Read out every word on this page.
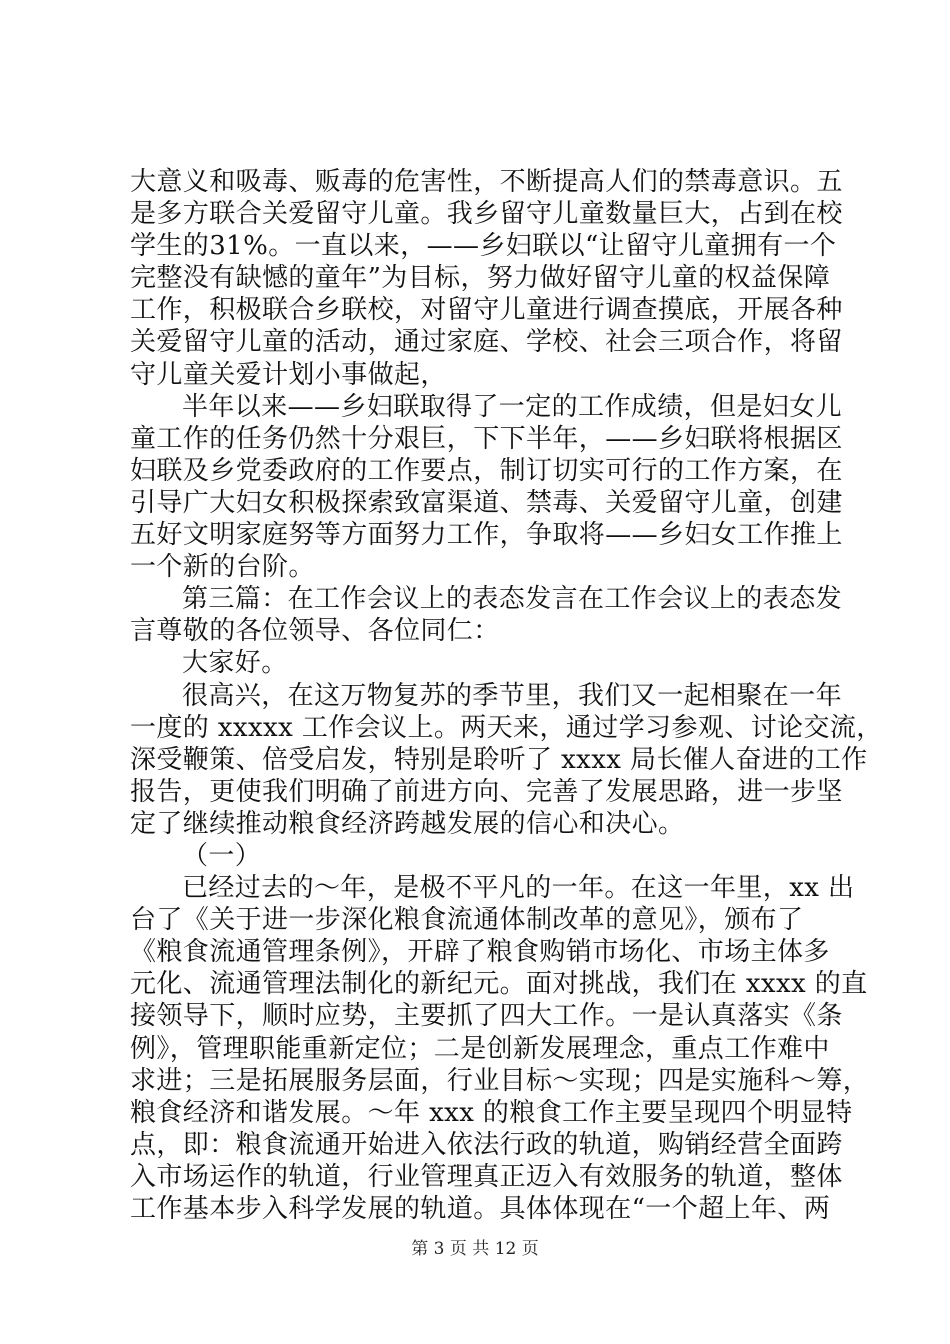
大意义和吸毒、贩毒的危害性，不断提高人们的禁毒意识。五
是多方联合关爱留守儿童。我乡留守儿童数量巨大，占到在校
学生的31%。一直以来，——乡妇联以“让留守儿童拥有一个
完整没有缺憾的童年”为目标，努力做好留守儿童的权益保障
工作，积极联合乡联校，对留守儿童进行调查摸底，开展各种
关爱留守儿童的活动，通过家庭、学校、社会三项合作，将留
守儿童关爱计划小事做起，
半年以来——乡妇联取得了一定的工作成绩，但是妇女儿
童工作的任务仍然十分艰巨，下下半年，——乡妇联将根据区
妇联及乡党委政府的工作要点，制订切实可行的工作方案，在
引导广大妇女积极探索致富渠道、禁毒、关爱留守儿童，创建
五好文明家庭努等方面努力工作，争取将——乡妇女工作推上
一个新的台阶。
第三篇：在工作会议上的表态发言在工作会议上的表态发
言尊敬的各位领导、各位同仁：
大家好。
很高兴，在这万物复苏的季节里，我们又一起相聚在一年
一度的 xxxxx 工作会议上。两天来，通过学习参观、讨论交流，
深受鞭策、倍受启发，特别是聆听了 xxxx 局长催人奋进的工作
报告，更使我们明确了前进方向、完善了发展思路，进一步坚
定了继续推动粮食经济跨越发展的信心和决心。
（一）
已经过去的～年，是极不平凡的一年。在这一年里，xx 出
台了《关于进一步深化粮食流通体制改革的意见》，颁布了
《粮食流通管理条例》，开辟了粮食购销市场化、市场主体多
元化、流通管理法制化的新纪元。面对挑战，我们在 xxxx 的直
接领导下，顺时应势，主要抓了四大工作。一是认真落实《条
例》，管理职能重新定位；二是创新发展理念，重点工作难中
求进；三是拓展服务层面，行业目标～实现；四是实施科～筹，
粮食经济和谐发展。～年 xxx 的粮食工作主要呈现四个明显特
点，即：粮食流通开始进入依法行政的轨道，购销经营全面跨
入市场运作的轨道，行业管理真正迈入有效服务的轨道，整体
工作基本步入科学发展的轨道。具体体现在“一个超上年、两
第 3 页 共 12 页
